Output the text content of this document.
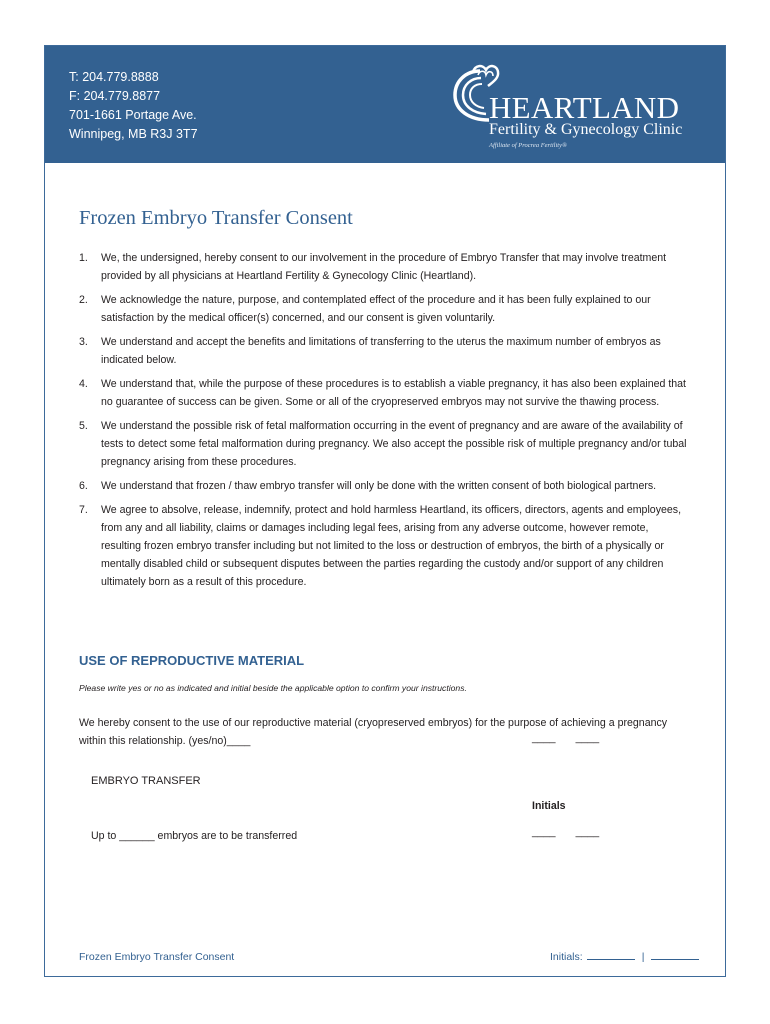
T: 204.779.8888
F: 204.779.8877
701-1661 Portage Ave.
Winnipeg, MB R3J 3T7
HEARTLAND
Fertility & Gynecology Clinic
Affiliate of Procrea Fertility®
Frozen Embryo Transfer Consent
1. We, the undersigned, hereby consent to our involvement in the procedure of Embryo Transfer that may involve treatment provided by all physicians at Heartland Fertility & Gynecology Clinic (Heartland).
2. We acknowledge the nature, purpose, and contemplated effect of the procedure and it has been fully explained to our satisfaction by the medical officer(s) concerned, and our consent is given voluntarily.
3. We understand and accept the benefits and limitations of transferring to the uterus the maximum number of embryos as indicated below.
4. We understand that, while the purpose of these procedures is to establish a viable pregnancy, it has also been explained that no guarantee of success can be given. Some or all of the cryopreserved embryos may not survive the thawing process.
5. We understand the possible risk of fetal malformation occurring in the event of pregnancy and are aware of the availability of tests to detect some fetal malformation during pregnancy. We also accept the possible risk of multiple pregnancy and/or tubal pregnancy arising from these procedures.
6. We understand that frozen / thaw embryo transfer will only be done with the written consent of both biological partners.
7. We agree to absolve, release, indemnify, protect and hold harmless Heartland, its officers, directors, agents and employees, from any and all liability, claims or damages including legal fees, arising from any adverse outcome, however remote, resulting frozen embryo transfer including but not limited to the loss or destruction of embryos, the birth of a physically or mentally disabled child or subsequent disputes between the parties regarding the custody and/or support of any children ultimately born as a result of this procedure.
USE OF REPRODUCTIVE MATERIAL
Please write yes or no as indicated and initial beside the applicable option to confirm your instructions.
We hereby consent to the use of our reproductive material (cryopreserved embryos) for the purpose of achieving a pregnancy within this relationship. (yes/no)____	____ ____
EMBRYO TRANSFER
Initials
Up to ______ embryos are to be transferred	____ ____
Frozen Embryo Transfer Consent	Initials:	|
